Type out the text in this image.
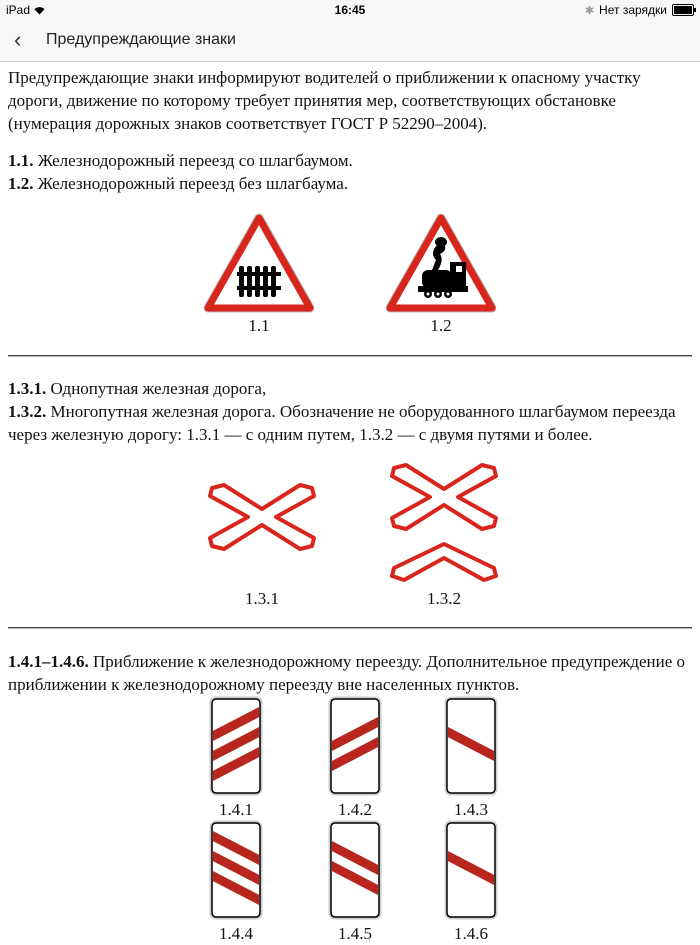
iPad	16:45	✱ Нет зарядки
‹ Предупреждающие знаки

Предупреждающие знаки информируют водителей о приближении к опасному участку дороги, движение по которому требует принятия мер, соответствующих обстановке (нумерация дорожных знаков соответствует ГОСТ Р 52290–2004).

1.1. Железнодорожный переезд со шлагбаумом.

1.2. Железнодорожный переезд без шлагбаума.

1.1	1.2

1.3.1. Однопутная железная дорога,

1.3.2. Многопутная железная дорога. Обозначение не оборудованного шлагбаумом переезда через железную дорогу: 1.3.1 — с одним путем, 1.3.2 — с двумя путями и более.

1.3.1	1.3.2

1.4.1–1.4.6. Приближение к железнодорожному переезду. Дополнительное предупреждение о приближении к железнодорожному переезду вне населенных пунктов.

1.4.1	1.4.2	1.4.3
1.4.4	1.4.5	1.4.6
